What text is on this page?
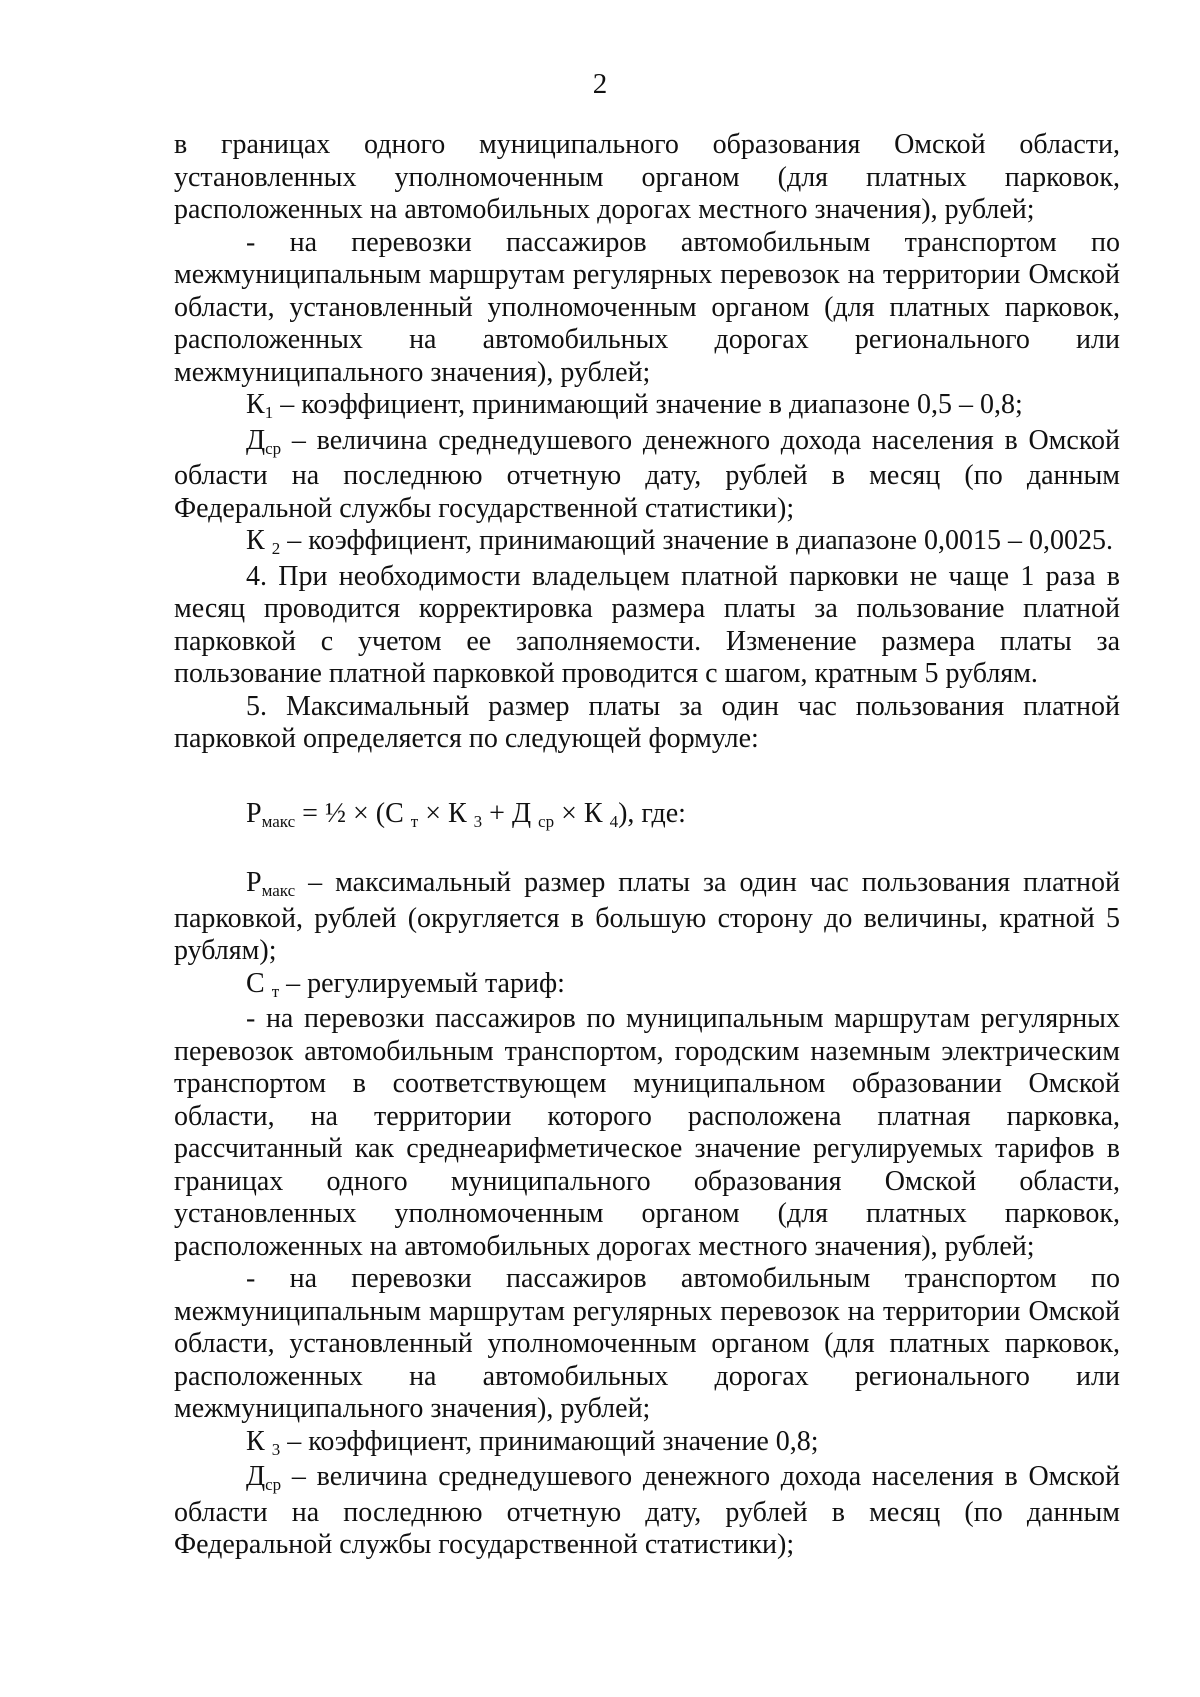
2

в границах одного муниципального образования Омской области, установленных уполномоченным органом (для платных парковок, расположенных на автомобильных дорогах местного значения), рублей;

- на перевозки пассажиров автомобильным транспортом по межмуниципальным маршрутам регулярных перевозок на территории Омской области, установленный уполномоченным органом (для платных парковок, расположенных на автомобильных дорогах регионального или межмуниципального значения), рублей;

К1 – коэффициент, принимающий значение в диапазоне 0,5 – 0,8;

Дср – величина среднедушевого денежного дохода населения в Омской области на последнюю отчетную дату, рублей в месяц (по данным Федеральной службы государственной статистики);

К 2 – коэффициент, принимающий значение в диапазоне 0,0015 – 0,0025.

4. При необходимости владельцем платной парковки не чаще 1 раза в месяц проводится корректировка размера платы за пользование платной парковкой с учетом ее заполняемости. Изменение размера платы за пользование платной парковкой проводится с шагом, кратным 5 рублям.

5. Максимальный размер платы за один час пользования платной парковкой определяется по следующей формуле:

Рмакс = ½ × (С т × К 3 + Д ср × К 4), где:

Рмакс – максимальный размер платы за один час пользования платной парковкой, рублей (округляется в большую сторону до величины, кратной 5 рублям);

С т – регулируемый тариф:

- на перевозки пассажиров по муниципальным маршрутам регулярных перевозок автомобильным транспортом, городским наземным электрическим транспортом в соответствующем муниципальном образовании Омской области, на территории которого расположена платная парковка, рассчитанный как среднеарифметическое значение регулируемых тарифов в границах одного муниципального образования Омской области, установленных уполномоченным органом (для платных парковок, расположенных на автомобильных дорогах местного значения), рублей;

- на перевозки пассажиров автомобильным транспортом по межмуниципальным маршрутам регулярных перевозок на территории Омской области, установленный уполномоченным органом (для платных парковок, расположенных на автомобильных дорогах регионального или межмуниципального значения), рублей;

К 3 – коэффициент, принимающий значение 0,8;

Дср – величина среднедушевого денежного дохода населения в Омской области на последнюю отчетную дату, рублей в месяц (по данным Федеральной службы государственной статистики);
